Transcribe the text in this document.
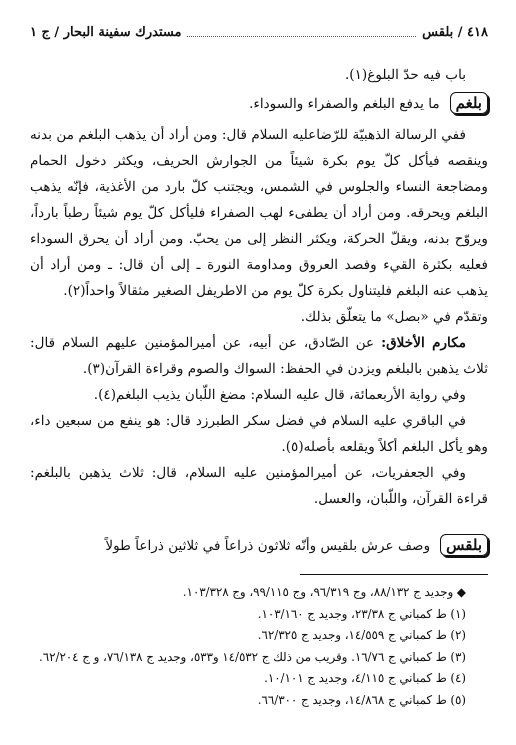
٤١٨ / بلقس
مستدرك سفينة البحار / ج ١

باب فيه حدّ البلوغ(١).

بلغم
ما يدفع البلغم والصفراء والسوداء.

ففي الرسالة الذهبيّة للرّضاعليه السلام قال: ومن أراد أن يذهب البلغم من بدنه وينقصه فيأكل كلّ يوم بكرة شيئاً من الجوارش الحريف، ويكثر دخول الحمام ومضاجعة النساء والجلوس في الشمس، ويجتنب كلّ بارد من الأغذية، فإنّه يذهب البلغم ويحرقه. ومن أراد أن يطفىء لهب الصفراء فليأكل كلّ يوم شيئاً رطباً بارداً، ويروّح بدنه، ويقلّ الحركة، ويكثر النظر إلى من يحبّ. ومن أراد أن يحرق السوداء فعليه بكثرة القيء وفصد العروق ومداومة النورة ـ إلى أن قال: ـ ومن أراد أن يذهب عنه البلغم فليتناول بكرة كلّ يوم من الاطريفل الصغير مثقالاً واحداً(٢).

وتقدّم في «بصل» ما يتعلّق بذلك.

مكارم الأخلاق: عن الصّادق، عن أبيه، عن أميرالمؤمنين عليهم السلام قال: ثلاث يذهبن بالبلغم ويزدن في الحفظ: السواك والصوم وقراءة القرآن(٣).

وفي رواية الأربعمائة، قال عليه السلام: مضغ اللّبان يذيب البلغم(٤).

في الباقري عليه السلام في فضل سكر الطبرزد قال: هو ينفع من سبعين داء، وهو يأكل البلغم أكلاً ويقلعه بأصله(٥).

وفي الجعفريات، عن أميرالمؤمنين عليه السلام، قال: ثلاث يذهبن بالبلغم: قراءة القرآن، واللّبان، والعسل.

بلقس
وصف عرش بلقيس وأنّه ثلاثون ذراعاً في ثلاثين ذراعاً طولاً

◆ وجديد ج ٨٨/١٣٢، وج ٩٦/٣١٩، وج ٩٩/١١٥، وج ١٠٣/٣٢٨.

(١) ط كمباني ج ٢٣/٣٨، وجديد ج ١٠٣/١٦٠.

(٢) ط كمباني ج ١٤/٥٥٩، وجديد ج ٦٢/٣٢٥.

(٣) ط كمباني ج ١٦/٧٦. وقريب من ذلك ج ١٤/٥٣٢ و٥٣٣، وجديد ج ٧٦/١٣٨، و ج ٦٢/٢٠٤.

(٤) ط كمباني ج ٤/١١٥، وجديد ج ١٠/١٠١.

(٥) ط كمباني ج ١٤/٨٦٨، وجديد ج ٦٦/٣٠٠.
